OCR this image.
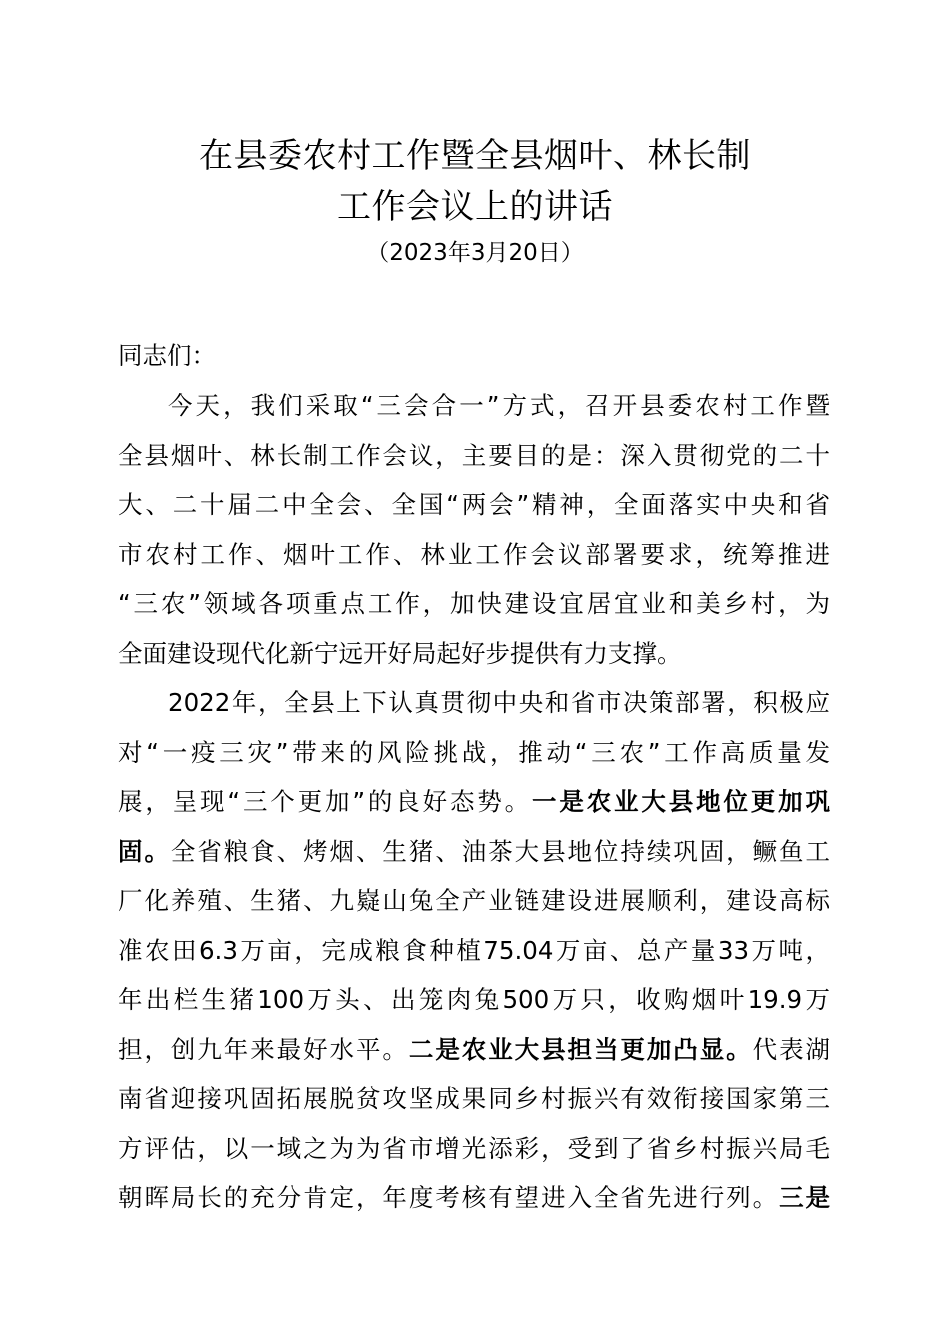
在县委农村工作暨全县烟叶、林长制
工作会议上的讲话
（2023年3月20日）
同志们：
今天，我们采取“三会合一”方式，召开县委农村工作暨
全县烟叶、林长制工作会议，主要目的是：深入贯彻党的二十
大、二十届二中全会、全国“两会”精神，全面落实中央和省
市农村工作、烟叶工作、林业工作会议部署要求，统筹推进
“三农”领域各项重点工作，加快建设宜居宜业和美乡村，为
全面建设现代化新宁远开好局起好步提供有力支撑。
2022年，全县上下认真贯彻中央和省市决策部署，积极应
对“一疫三灾”带来的风险挑战，推动“三农”工作高质量发
展，呈现“三个更加”的良好态势。一是农业大县地位更加巩
固。全省粮食、烤烟、生猪、油茶大县地位持续巩固，鳜鱼工
厂化养殖、生猪、九嶷山兔全产业链建设进展顺利，建设高标
准农田6.3万亩，完成粮食种植75.04万亩、总产量33万吨，
年出栏生猪100万头、出笼肉兔500万只，收购烟叶19.9万
担，创九年来最好水平。二是农业大县担当更加凸显。代表湖
南省迎接巩固拓展脱贫攻坚成果同乡村振兴有效衔接国家第三
方评估，以一域之为为省市增光添彩，受到了省乡村振兴局毛
朝晖局长的充分肯定，年度考核有望进入全省先进行列。三是
